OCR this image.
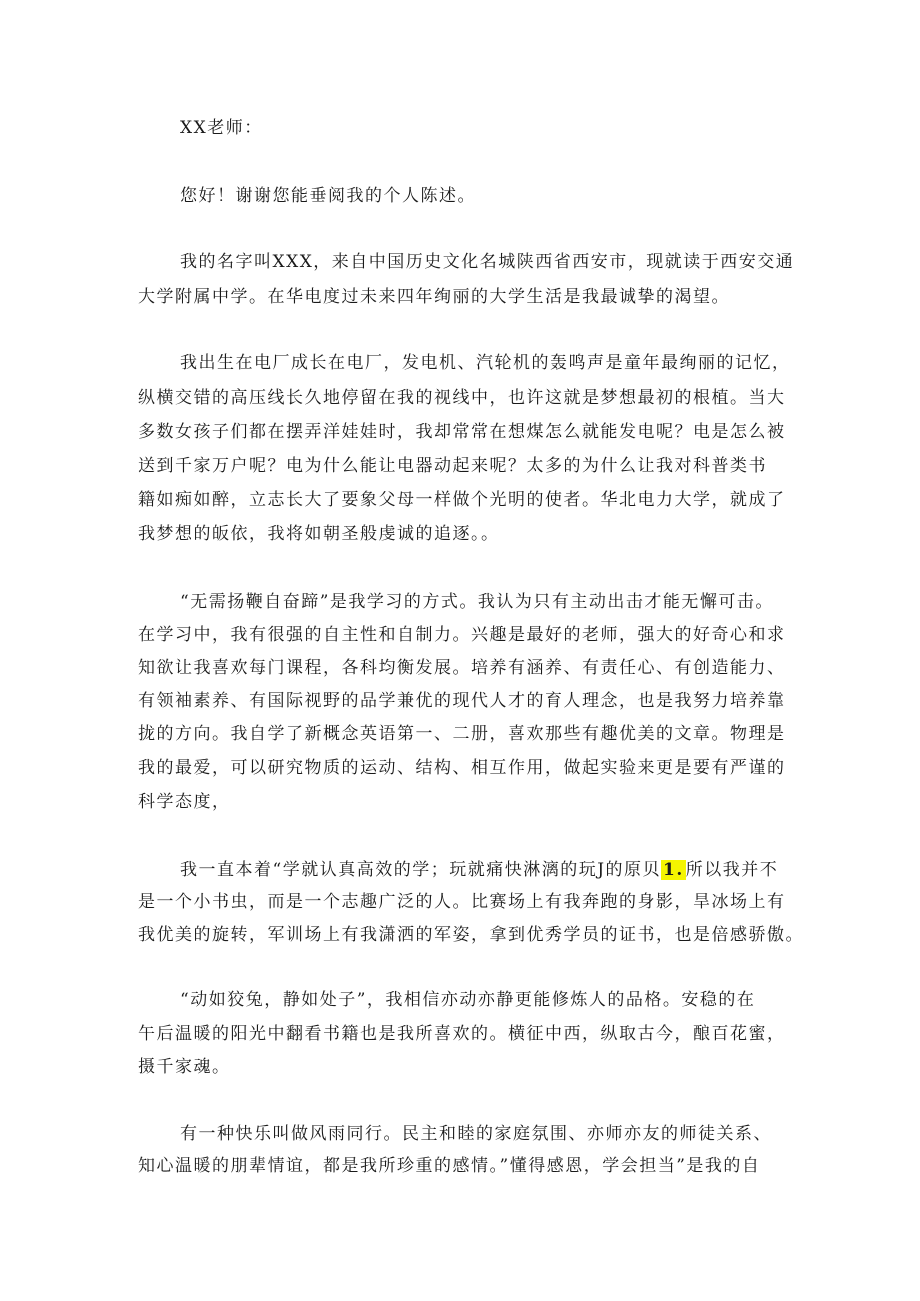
XX老师：
您好！谢谢您能垂阅我的个人陈述。
我的名字叫XXX，来自中国历史文化名城陕西省西安市，现就读于西安交通
大学附属中学。在华电度过未来四年绚丽的大学生活是我最诚挚的渴望。
我出生在电厂成长在电厂，发电机、汽轮机的轰鸣声是童年最绚丽的记忆，
纵横交错的高压线长久地停留在我的视线中，也许这就是梦想最初的根植。当大
多数女孩子们都在摆弄洋娃娃时，我却常常在想煤怎么就能发电呢？电是怎么被
送到千家万户呢？电为什么能让电器动起来呢？太多的为什么让我对科普类书
籍如痴如醉，立志长大了要象父母一样做个光明的使者。华北电力大学，就成了
我梦想的皈依，我将如朝圣般虔诚的追逐。。
“无需扬鞭自奋蹄”是我学习的方式。我认为只有主动出击才能无懈可击。
在学习中，我有很强的自主性和自制力。兴趣是最好的老师，强大的好奇心和求
知欲让我喜欢每门课程，各科均衡发展。培养有涵养、有责任心、有创造能力、
有领袖素养、有国际视野的品学兼优的现代人才的育人理念，也是我努力培养靠
拢的方向。我自学了新概念英语第一、二册，喜欢那些有趣优美的文章。物理是
我的最爱，可以研究物质的运动、结构、相互作用，做起实验来更是要有严谨的
科学态度，
我一直本着“学就认真高效的学；玩就痛快淋漓的玩J的原贝 1. 所以我并不
是一个小书虫，而是一个志趣广泛的人。比赛场上有我奔跑的身影，旱冰场上有
我优美的旋转，军训场上有我潇洒的军姿，拿到优秀学员的证书，也是倍感骄傲。
“动如狡兔，静如处子”，我相信亦动亦静更能修炼人的品格。安稳的在
午后温暖的阳光中翻看书籍也是我所喜欢的。横征中西，纵取古今，酿百花蜜，
摄千家魂。
有一种快乐叫做风雨同行。民主和睦的家庭氛围、亦师亦友的师徒关系、
知心温暖的朋辈情谊，都是我所珍重的感情。”懂得感恩，学会担当”是我的自
